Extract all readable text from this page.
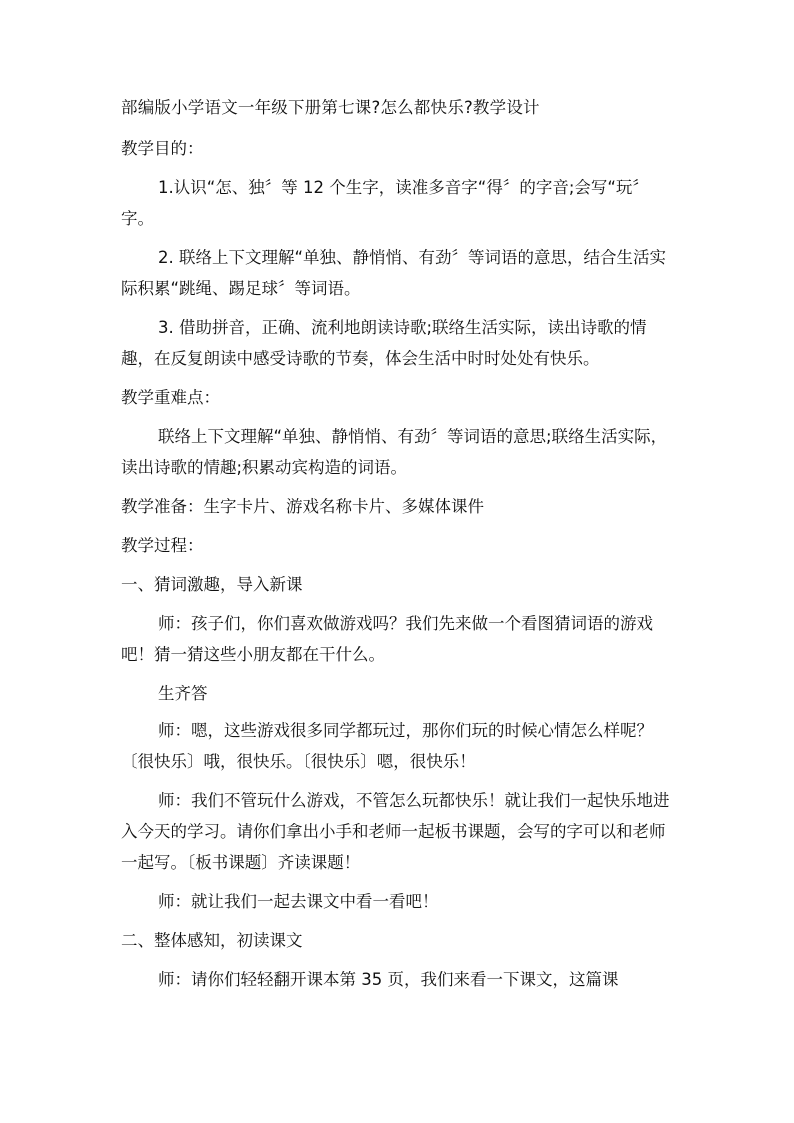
部编版小学语文一年级下册第七课?怎么都快乐?教学设计

教学目的：

1.认识“怎、独〞等 12 个生字，读准多音字“得〞的字音;会写“玩〞字。

2. 联络上下文理解“单独、静悄悄、有劲〞等词语的意思，结合生活实际积累“跳绳、踢足球〞等词语。

3. 借助拼音，正确、流利地朗读诗歌;联络生活实际，读出诗歌的情趣，在反复朗读中感受诗歌的节奏，体会生活中时时处处有快乐。

教学重难点：

联络上下文理解“单独、静悄悄、有劲〞等词语的意思;联络生活实际，读出诗歌的情趣;积累动宾构造的词语。

教学准备：生字卡片、游戏名称卡片、多媒体课件

教学过程：

一、猜词激趣，导入新课

师：孩子们，你们喜欢做游戏吗？我们先来做一个看图猜词语的游戏吧！猜一猜这些小朋友都在干什么。

生齐答

师：嗯，这些游戏很多同学都玩过，那你们玩的时候心情怎么样呢？〔很快乐〕哦，很快乐。〔很快乐〕嗯，很快乐！

师：我们不管玩什么游戏，不管怎么玩都快乐！就让我们一起快乐地进入今天的学习。请你们拿出小手和老师一起板书课题，会写的字可以和老师一起写。〔板书课题〕齐读课题！

师：就让我们一起去课文中看一看吧！

二、整体感知，初读课文

师：请你们轻轻翻开课本第 35 页，我们来看一下课文，这篇课
